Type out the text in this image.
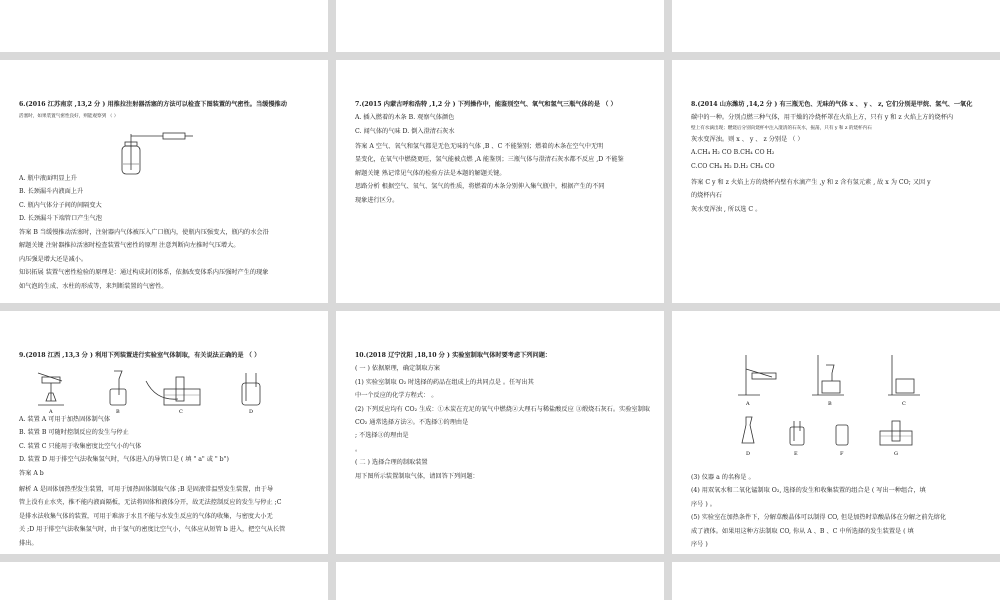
6.(2016 江苏南京 ,13,2 分 ) 用推拉注射器活塞的方法可以检查下图装置的气密性。当缓慢推动
活塞时，如果装置气密性良好，则能观察到 （ ）
A. 瓶中液面明显上升
B. 长颈漏斗内液面上升
C. 瓶内气体分子间的间隔变大
D. 长颈漏斗下端管口产生气泡
答案 B 当缓慢推动活塞时，注射器内气体被压入广口瓶内，使瓶内压强变大，瓶内的水会沿
解题关键 注射器推拉活塞时检查装置气密性的原理 注意判断向左推时气压增大。
内压强是增大还是减小。
知识拓展 装置气密性检验的原理是：通过构成封闭体系，依据改变体系内压强时产生的现象
如气泡的生成、水柱的形成等，来判断装置的气密性。
7.(2015 内蒙古呼和浩特 ,1,2 分 ) 下列操作中，能鉴别空气、氧气和氢气三瓶气体的是 （ ）
A. 插入燃着的木条 B. 观察气体颜色
C. 闻气体的气味 D. 倒入澄清石灰水
答案 A 空气、氧气和氢气都是无色无味的气体 ,B 、C 不能鉴别；燃着的木条在空气中无明
显变化，在氧气中燃烧更旺，氢气能被点燃 ,A 能鉴别；三瓶气体与澄清石灰水都不反应 ,D 不能鉴
解题关键 熟记常见气体的检验方法是本题的解题关键。
思路分析 根据空气、氧气、氢气的性质，将燃着的木条分别伸入集气瓶中，根据产生的不同
现象进行区分。
8.(2014 山东潍坊 ,14,2 分 ) 有三瓶无色、无味的气体 x 、 y 、 z, 它们分别是甲烷、氢气、一氧化
碳中的一种。分别点燃三种气体，用干燥的冷烧杯罩在火焰上方，只有 y 和 z 火焰上方的烧杯内
壁上有水滴出现；燃烧后分别向烧杯中注入澄清的石灰水，振荡，只有 y 和 z 的烧杯内石
灰水变浑浊。则 x 、 y 、 z 分别是 （ ）
A.CH₄ H₂ CO B.CH₄ CO H₂
C.CO CH₄ H₂ D.H₂ CH₄ CO
答案 C y 和 z 火焰上方的烧杯内壁有水滴产生 ,y 和 z 含有氢元素 , 故 x 为 CO; 又因 y
的烧杯内石
灰水变浑浊 , 所以选 C 。
9.(2018 江西 ,13,3 分 ) 利用下列装置进行实验室气体制取，有关说法正确的是 （ ）
A	B	C	D
A. 装置 A 可用于加热固体制气体
B. 装置 B 可随时控制反应的发生与停止
C. 装置 C 只能用于收集密度比空气小的气体
D. 装置 D 用于排空气法收集氢气时，气体进入的导管口是 ( 填 " a" 或 " b")
答案 A b
解析 A 是固体加热型发生装置，可用于加热固体制取气体 ;B 是固液常温型发生装置，由于导
管上没有止水夹，推不能内液面隔板，无法将固体和液体分开，故无法控制反应的发生与停止 ;C
是排水法收集气体的装置，可用于难溶于水且不能与水发生反应的气体的收集，与密度大小无
关 ;D 用于排空气法收集氢气时，由于氢气的密度比空气小，气体应从短管 b 进入，把空气从长管
排出。
10.(2018 辽宁沈阳 ,18,10 分 ) 实验室制取气体时要考虑下列问题：
( 一 ) 依据原理，确定制取方案
(1) 实验室制取 O₂ 时选择的药品在组成上的共同点是 。任写出其
中一个反应的化学方程式： 。
(2) 下列反应均有 CO₂ 生成：①木炭在充足的氧气中燃烧②大理石与稀盐酸反应 ③煅烧石灰石。实验室制取
CO₂ 通常选择方法②。不选择①的理由是
; 不选择③的理由是
。
( 二 ) 选择合理的制取装置
用下图所示装置制取气体，请回答下列问题：
A	B	C
D	E	F	G
(3) 仪器 a 的名称是 。
(4) 用双氧水和二氧化锰制取 O₂, 选择的发生和收集装置的组合是 ( 写出一种组合，填
序号 ) 。
(5) 实验室在加热条件下，分解草酸晶体可以制得 CO, 但是加热时草酸晶体在分解之前先熔化
成了液体。如果用这种方法制取 CO, 你从 A 、B 、C 中所选择的发生装置是 ( 填
序号 )
